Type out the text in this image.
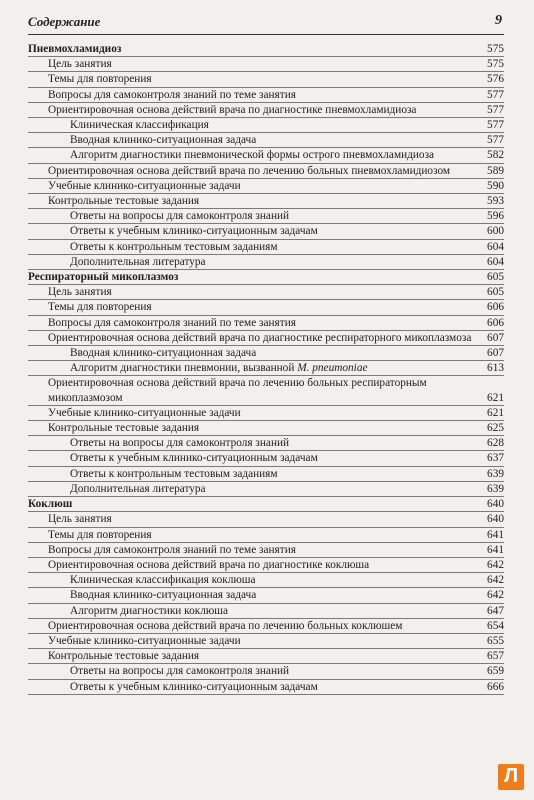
Содержание	9
Пневмохламидиоз	575
Цель занятия	575
Темы для повторения	576
Вопросы для самоконтроля знаний по теме занятия	577
Ориентировочная основа действий врача по диагностике пневмохламидиоза	577
Клиническая классификация	577
Вводная клинико-ситуационная задача	577
Алгоритм диагностики пневмонической формы острого пневмохламидиоза	582
Ориентировочная основа действий врача по лечению больных пневмохламидиозом	589
Учебные клинико-ситуационные задачи	590
Контрольные тестовые задания	593
Ответы на вопросы для самоконтроля знаний	596
Ответы к учебным клинико-ситуационным задачам	600
Ответы к контрольным тестовым заданиям	604
Дополнительная литература	604
Респираторный микоплазмоз	605
Цель занятия	605
Темы для повторения	606
Вопросы для самоконтроля знаний по теме занятия	606
Ориентировочная основа действий врача по диагностике респираторного микоплазмоза	607
Вводная клинико-ситуационная задача	607
Алгоритм диагностики пневмонии, вызванной M. pneumoniae	613
Ориентировочная основа действий врача по лечению больных респираторным микоплазмозом	621
Учебные клинико-ситуационные задачи	621
Контрольные тестовые задания	625
Ответы на вопросы для самоконтроля знаний	628
Ответы к учебным клинико-ситуационным задачам	637
Ответы к контрольным тестовым заданиям	639
Дополнительная литература	639
Коклюш	640
Цель занятия	640
Темы для повторения	641
Вопросы для самоконтроля знаний по теме занятия	641
Ориентировочная основа действий врача по диагностике коклюша	642
Клиническая классификация коклюша	642
Вводная клинико-ситуационная задача	642
Алгоритм диагностики коклюша	647
Ориентировочная основа действий врача по лечению больных коклюшем	654
Учебные клинико-ситуационные задачи	655
Контрольные тестовые задания	657
Ответы на вопросы для самоконтроля знаний	659
Ответы к учебным клинико-ситуационным задачам	666
Л
